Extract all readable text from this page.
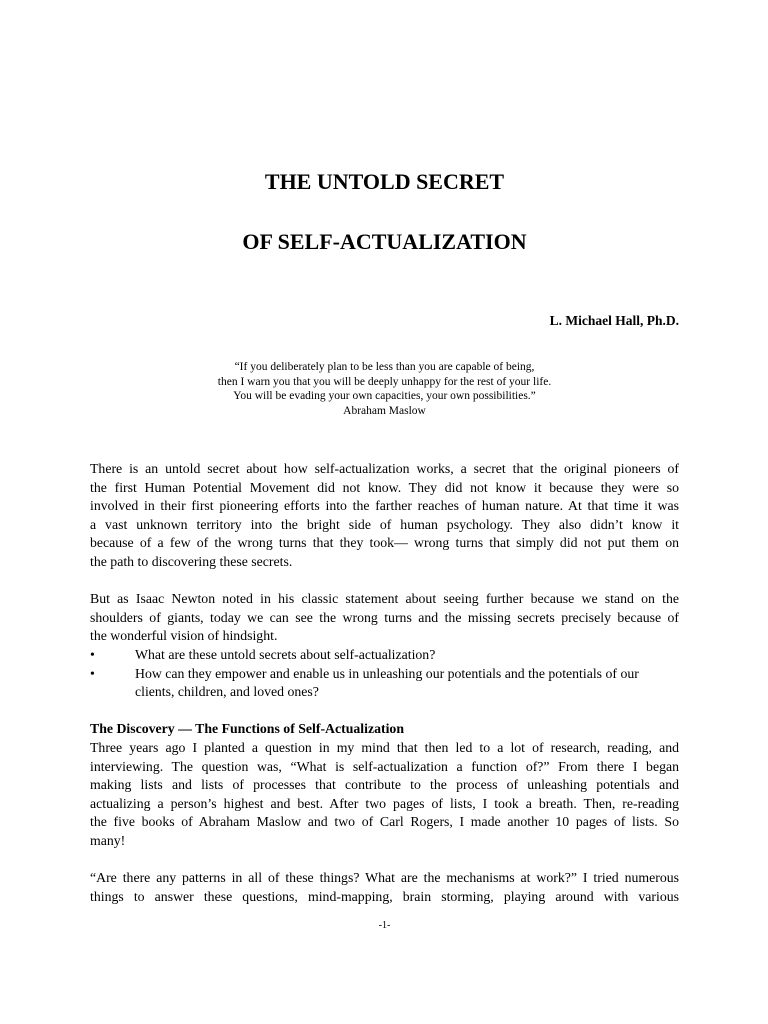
THE UNTOLD SECRET
OF SELF-ACTUALIZATION

L. Michael Hall, Ph.D.

“If you deliberately plan to be less than you are capable of being,
then I warn you that you will be deeply unhappy for the rest of your life.
You will be evading your own capacities, your own possibilities.”
Abraham Maslow
There is an untold secret about how self-actualization works, a secret that the original pioneers of
the first Human Potential Movement did not know. They did not know it because they were so
involved in their first pioneering efforts into the farther reaches of human nature. At that time it was
a vast unknown territory into the bright side of human psychology. They also didn’t know it
because of a few of the wrong turns that they took— wrong turns that simply did not put them on
the path to discovering these secrets.
But as Isaac Newton noted in his classic statement about seeing further because we stand on the
shoulders of giants, today we can see the wrong turns and the missing secrets precisely because of
the wonderful vision of hindsight.
•	What are these untold secrets about self-actualization?
•	How can they empower and enable us in unleashing our potentials and the potentials of our
clients, children, and loved ones?
The Discovery — The Functions of Self-Actualization
Three years ago I planted a question in my mind that then led to a lot of research, reading, and
interviewing. The question was, “What is self-actualization a function of?” From there I began
making lists and lists of processes that contribute to the process of unleashing potentials and
actualizing a person’s highest and best. After two pages of lists, I took a breath. Then, re-reading
the five books of Abraham Maslow and two of Carl Rogers, I made another 10 pages of lists. So
many!
“Are there any patterns in all of these things? What are the mechanisms at work?” I tried numerous
things to answer these questions, mind-mapping, brain storming, playing around with various
-1-
